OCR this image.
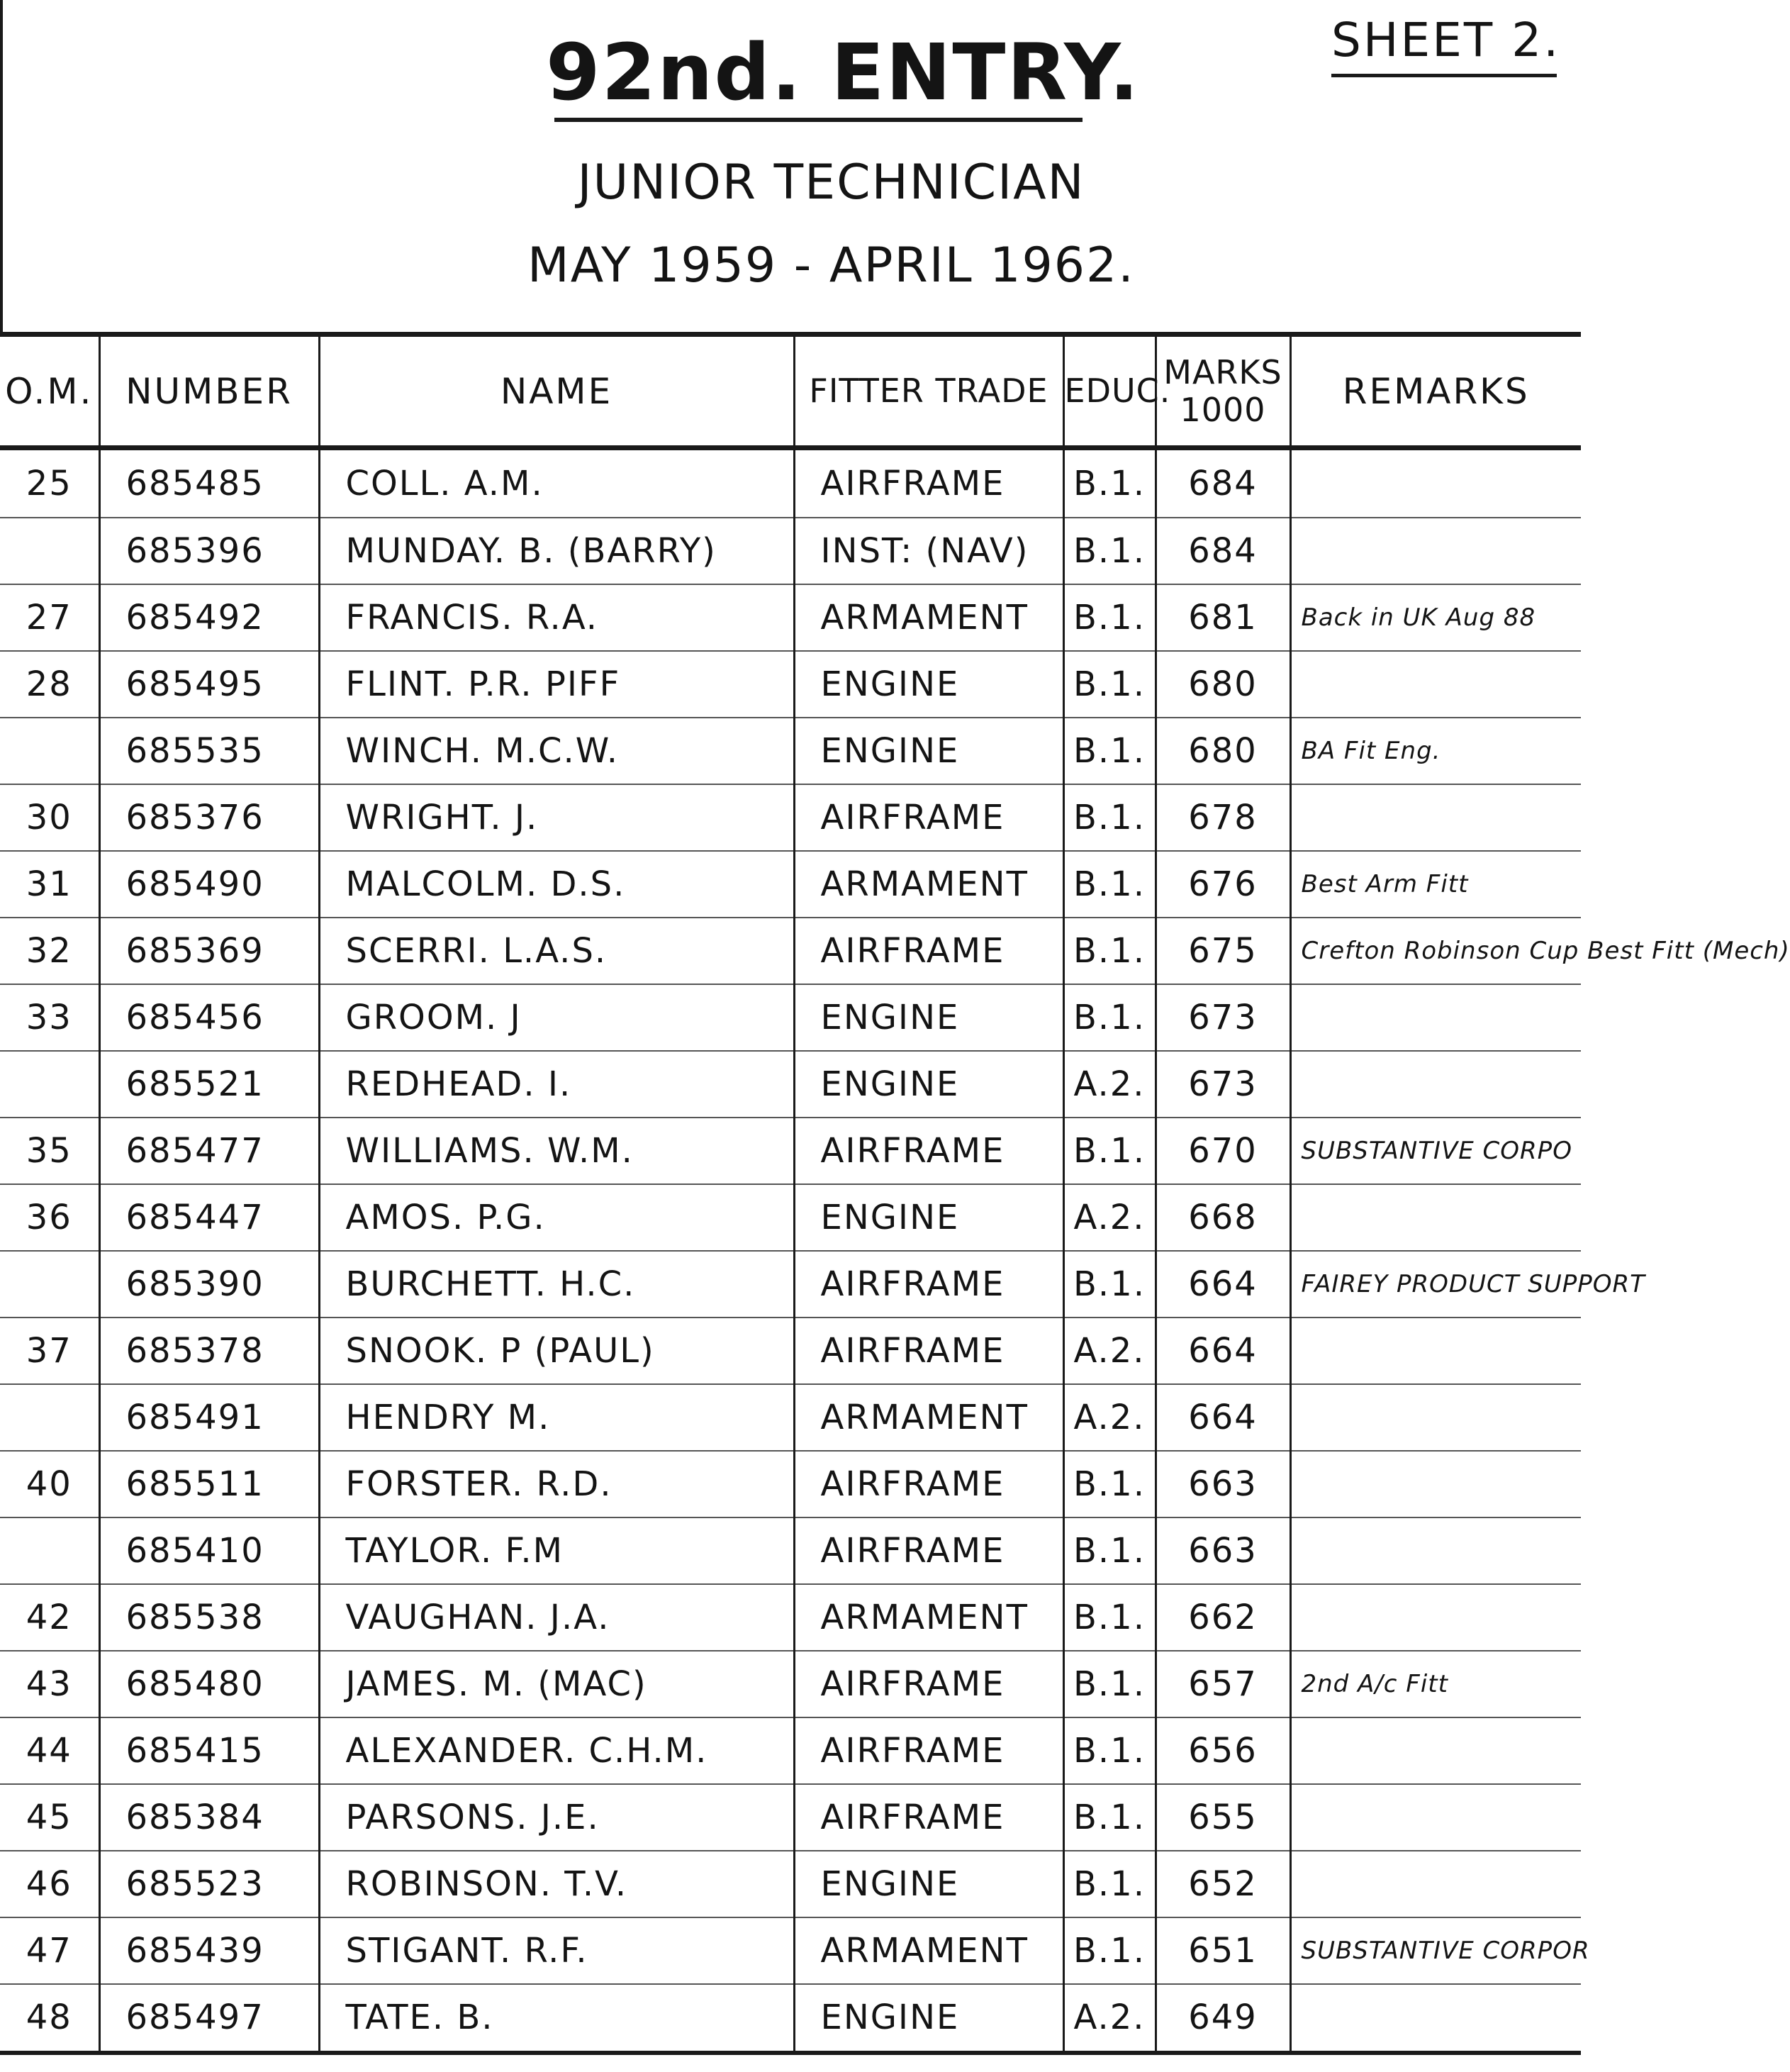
SHEET 2.
92nd. ENTRY.
JUNIOR TECHNICIAN
MAY 1959 - APRIL 1962.
O.M.	NUMBER	NAME	FITTER TRADE	EDUC.	MARKS 1000	REMARKS
25	685485	COLL. A.M.	AIRFRAME	B.1.	684	
	685396	MUNDAY. B. (BARRY)	INST: (NAV)	B.1.	684	
27	685492	FRANCIS. R.A.	ARMAMENT	B.1.	681	Back in UK Aug 88
28	685495	FLINT. P.R. PIFF	ENGINE	B.1.	680	
	685535	WINCH. M.C.W.	ENGINE	B.1.	680	BA Fit Eng.
30	685376	WRIGHT. J.	AIRFRAME	B.1.	678	
31	685490	MALCOLM. D.S.	ARMAMENT	B.1.	676	Best Arm Fitt
32	685369	SCERRI. L.A.S.	AIRFRAME	B.1.	675	Crefton Robinson Cup Best Fitt (Mech)
33	685456	GROOM. J	ENGINE	B.1.	673	
	685521	REDHEAD. I.	ENGINE	A.2.	673	
35	685477	WILLIAMS. W.M.	AIRFRAME	B.1.	670	SUBSTANTIVE CORPO
36	685447	AMOS. P.G.	ENGINE	A.2.	668	
	685390	BURCHETT. H.C.	AIRFRAME	B.1.	664	FAIREY PRODUCT SUPPORT
37	685378	SNOOK. P (PAUL)	AIRFRAME	A.2.	664	
	685491	HENDRY M.	ARMAMENT	A.2.	664	
40	685511	FORSTER. R.D.	AIRFRAME	B.1.	663	
	685410	TAYLOR. F.M	AIRFRAME	B.1.	663	
42	685538	VAUGHAN. J.A.	ARMAMENT	B.1.	662	
43	685480	JAMES. M. (MAC)	AIRFRAME	B.1.	657	2nd A/c Fitt
44	685415	ALEXANDER. C.H.M.	AIRFRAME	B.1.	656	
45	685384	PARSONS. J.E.	AIRFRAME	B.1.	655	
46	685523	ROBINSON. T.V.	ENGINE	B.1.	652	
47	685439	STIGANT. R.F.	ARMAMENT	B.1.	651	SUBSTANTIVE CORPOR
48	685497	TATE. B.	ENGINE	A.2.	649	
